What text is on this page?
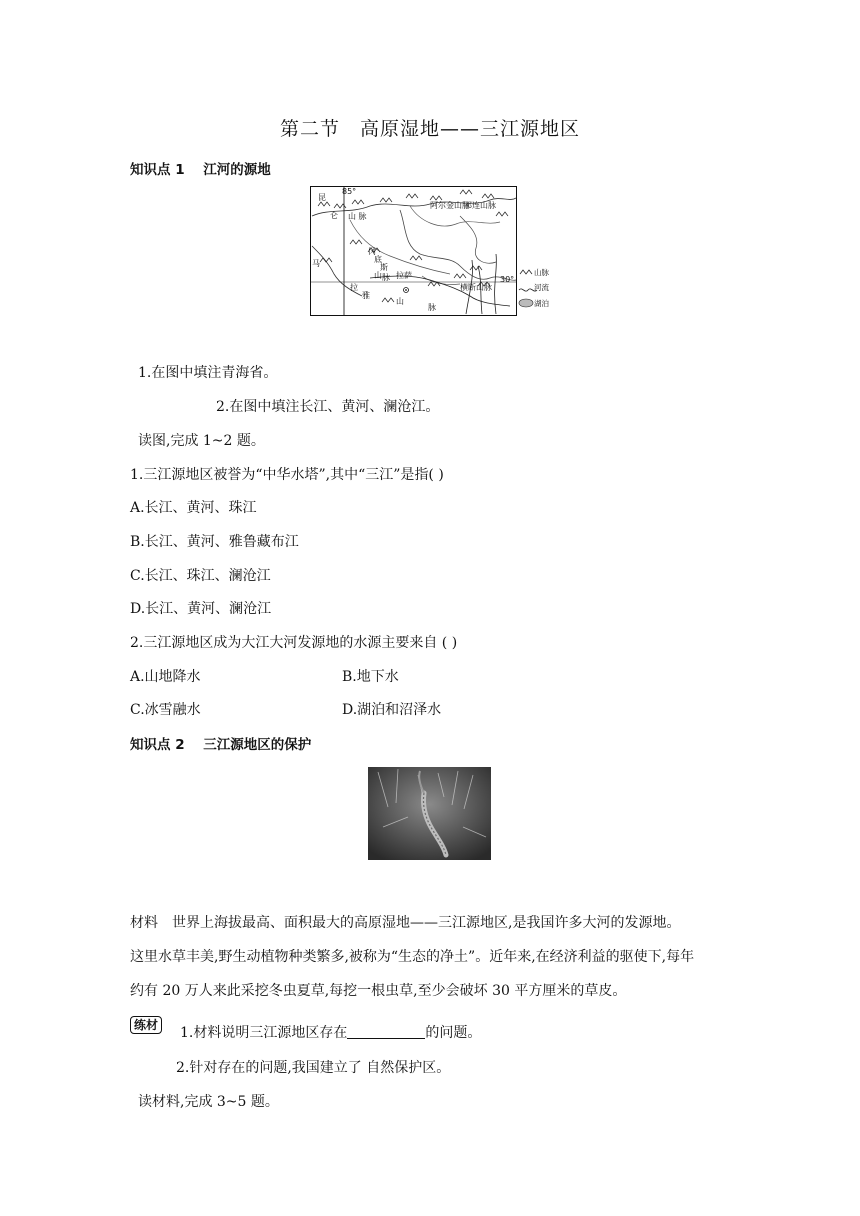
第二节　高原湿地——三江源地区
知识点 1 江河的源地
85°
昆
仑 山 脉
阿尔金山脉
祁连山脉
冈
底
斯
山 脉 拉萨	30°
横断山脉
马
拉
雅
山
脉
山脉
河流
湖泊
1.在图中填注青海省。
2.在图中填注长江、黄河、澜沧江。
读图,完成 1~2 题。
1.三江源地区被誉为“中华水塔”,其中“三江”是指( )
A.长江、黄河、珠江
B.长江、黄河、雅鲁藏布江
C.长江、珠江、澜沧江
D.长江、黄河、澜沧江
2.三江源地区成为大江大河发源地的水源主要来自 ( )
A.山地降水	B.地下水
C.冰雪融水	D.湖泊和沼泽水
知识点 2 三江源地区的保护
材料　世界上海拔最高、面积最大的高原湿地——三江源地区,是我国许多大河的发源地。
这里水草丰美,野生动植物种类繁多,被称为“生态的净土”。近年来,在经济利益的驱使下,每年
约有 20 万人来此采挖冬虫夏草,每挖一根虫草,至少会破坏 30 平方厘米的草皮。
练材 1.材料说明三江源地区存在	的问题。
2.针对存在的问题,我国建立了 自然保护区。
读材料,完成 3~5 题。
